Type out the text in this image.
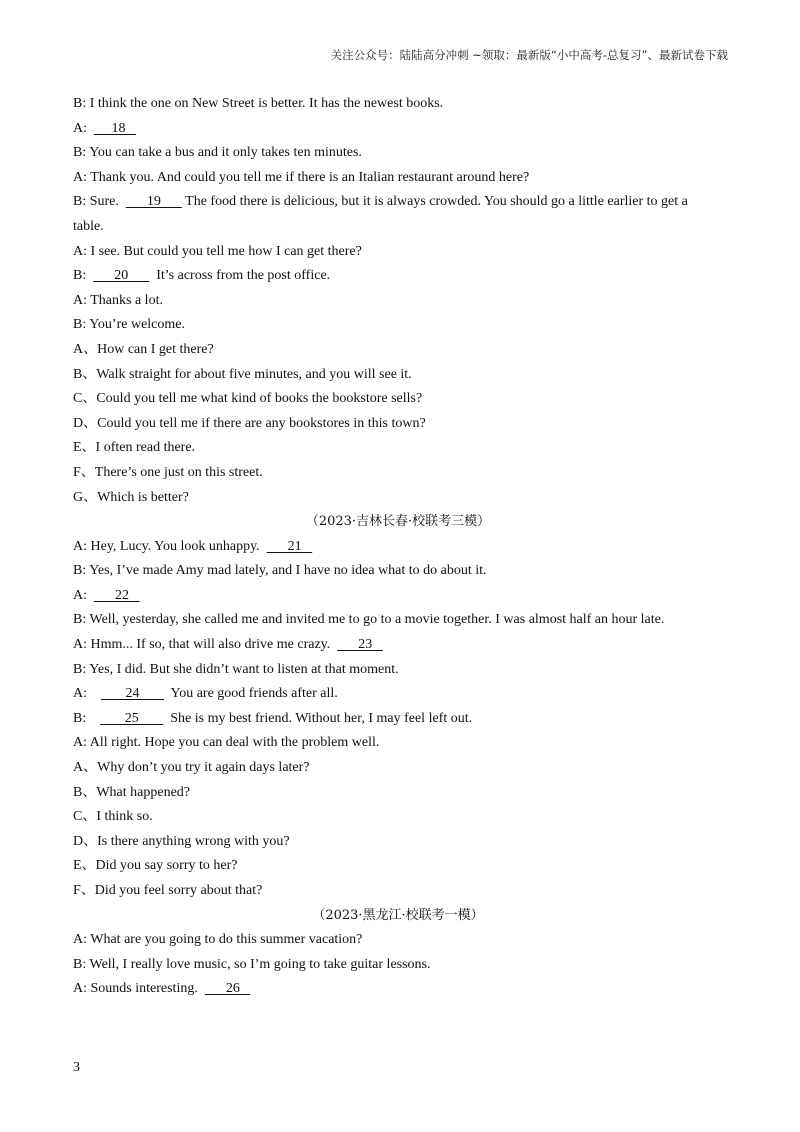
关注公众号：陆陆高分冲刺 ~领取：最新版“小中高考-总复习”、最新试卷下载
B: I think the one on New Street is better. It has the newest books.
A:       18
B: You can take a bus and it only takes ten minutes.
A: Thank you. And could you tell me if there is an Italian restaurant around here?
B: Sure.        19       The food there is delicious, but it is always crowded. You should go a little earlier to get a
table.
A: I see. But could you tell me how I can get there?
B:        20        It’s across from the post office.
A: Thanks a lot.
B: You’re welcome.
A、How can I get there?
B、Walk straight for about five minutes, and you will see it.
C、Could you tell me what kind of books the bookstore sells?
D、Could you tell me if there are any bookstores in this town?
E、I often read there.
F、There’s one just on this street.
G、Which is better?
（2023·吉林长春·校联考三模）
A: Hey, Lucy. You look unhappy.        21
B: Yes, I’ve made Amy mad lately, and I have no idea what to do about it.
A:        22
B: Well, yesterday, she called me and invited me to go to a movie together. I was almost half an hour late.
A: Hmm... If so, that will also drive me crazy.        23
B: Yes, I did. But she didn’t want to listen at that moment.
A:           24         You are good friends after all.
B:           25         She is my best friend. Without her, I may feel left out.
A: All right. Hope you can deal with the problem well.
A、Why don’t you try it again days later?
B、What happened?
C、I think so.
D、Is there anything wrong with you?
E、Did you say sorry to her?
F、Did you feel sorry about that?
（2023·黑龙江·校联考一模）
A: What are you going to do this summer vacation?
B: Well, I really love music, so I’m going to take guitar lessons.
A: Sounds interesting.        26
3
